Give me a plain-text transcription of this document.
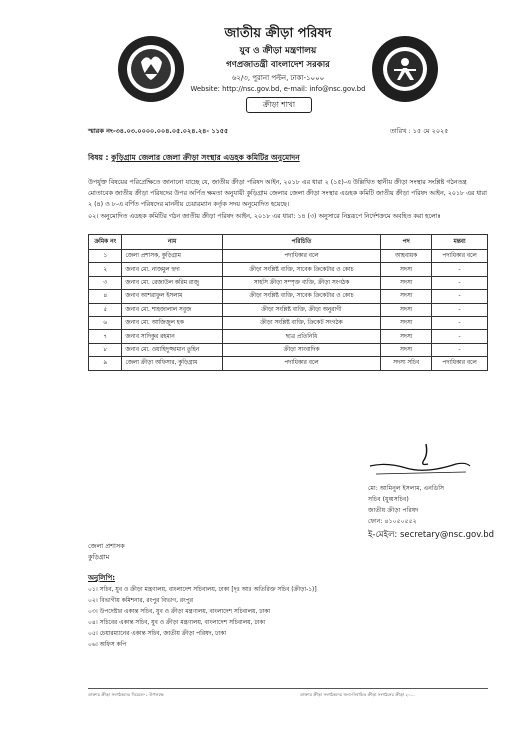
জাতীয় ক্রীড়া পরিষদ
যুব ও ক্রীড়া মন্ত্রণালয়
গণপ্রজাতন্ত্রী বাংলাদেশ সরকার
৬২/৩, পুরানা পল্টন, ঢাকা-১০০০
Website: http://nsc.gov.bd, e-mail: info@nsc.gov.bd
ক্রীড়া শাখা
স্মারক নং-৩৪.০৩.০০০০.০০৪.০৫.০২৪.২৪- ১১৫৫	তারিখ : ১৫ মে ২০২৫
বিষয় : কুড়িগ্রাম জেলার জেলা ক্রীড়া সংস্থার এডহক কমিটির অনুমোদন
উপর্যুক্ত বিষয়ের পরিপ্রেক্ষিতে জানানো যাচ্ছে যে, জাতীয় ক্রীড়া পরিষদ আইন, ২০১৮ এর ধারা ২ (১৫)-এ উল্লিখিত স্থানীয় ক্রীড়া সংস্থার সংশ্লিষ্ট গঠনতন্ত্র মোতাবেক জাতীয় ক্রীড়া পরিষদের উপর অর্পিত ক্ষমতা অনুযায়ী কুড়িগ্রাম জেলার জেলা ক্রীড়া সংস্থার এডহক কমিটি জাতীয় ক্রীড়া পরিষদ আইন, ২০১৮ এর ধারা ২ (৪) ও ৮-এ বর্ণিত পরিষদের মাননীয় চেয়ারম্যান কর্তৃক সদয় অনুমোদিত হয়েছে।
০২। অনুমোদিত এডহক কমিটির গঠন জাতীয় ক্রীড়া পরিষদ আইন, ২০১৮ এর ধারা: ১৪ (৩) অনুসারে নিম্নরূপে নির্দেশক্রমে অবহিত করা হলোঃ
ক্রমিক নং	নাম	পরিচিতি	পদ	মন্তব্য
১	জেলা প্রশাসক, কুড়িগ্রাম	পদাধিকার বলে	আহবায়ক	পদাধিকার বলে
২	জনাব মো. নাজমুল হুদা	ক্রীড়া সংশ্লিষ্ট ব্যক্তি, সাবেক ক্রিকেটার ও কোচ	সদস্য	-
৩	জনাব মো. রেজাউল করিম রাজু	সাহসি ক্রীড়া সম্পৃক্ত ব্যক্তি, ক্রীড়া সংগঠক	সদস্য	-
৪	জনাব আশরাফুল ইসলাম	ক্রীড়া সংশ্লিষ্ট ব্যক্তি, সাবেক ক্রিকেটার ও কোচ	সদস্য	-
৫	জনাব মো. শাহজালাল সবুজ	ক্রীড়া সংশ্লিষ্ট ব্যক্তি, ক্রীড়া অনুরাগী	সদস্য	-
৬	জনাব মো. আজিজুল হক	ক্রীড়া সংশ্লিষ্ট ব্যক্তি, ক্রিকেট সংগঠক	সদস্য	-
৭	জনাব সাদিকুর রহমান	ছাত্র প্রতিনিধি	সদস্য	-
৮	জনাব মো. ওয়াহিদুজ্জামান তুহিন	ক্রীড়া সাংবাদিক	সদস্য	-
৯	জেলা ক্রীড়া অফিসার, কুড়িগ্রাম	পদাধিকার বলে	সদস্য সচিব	পদাধিকার বলে
মো: আমিনুল ইসলাম, এনডিসি
সচিব (যুগ্মসচিব)
জাতীয় ক্রীড়া পরিষদ
ফোন: ৪১০৫০৫৫২
ই-মেইল: secretary@nsc.gov.bd
জেলা প্রশাসক
কুড়িগ্রাম
অনুলিপি:
০১। সচিব, যুব ও ক্রীড়া মন্ত্রণালয়, বাংলাদেশ সচিবালয়, ঢাকা [দৃঃ আঃ অতিরিক্ত সচিব (ক্রীড়া-১)]
০২। বিভাগীয় কমিশনার, রংপুর বিভাগ, রংপুর
০৩। উপদেষ্টার একান্ত সচিব, যুব ও ক্রীড়া মন্ত্রণালয়, বাংলাদেশ সচিবালয়, ঢাকা
০৪। সচিবের একান্ত সচিব, যুব ও ক্রীড়া মন্ত্রণালয়, বাংলাদেশ সচিবালয়, ঢাকা
০৫। চেয়ারম্যানের একান্ত সচিব, জাতীয় ক্রীড়া পরিষদ, ঢাকা
০৬। অফিস কপি
ডাক্তার ক্রীড়া সংগঠকদের দিয়েলে-১ উপলক্ষে	ডাক্তার ক্রীড়া সংগঠকদের জন্য-নির্বাচিত ক্রীড়া সংগঠনের ক্রীড়া ২০...
